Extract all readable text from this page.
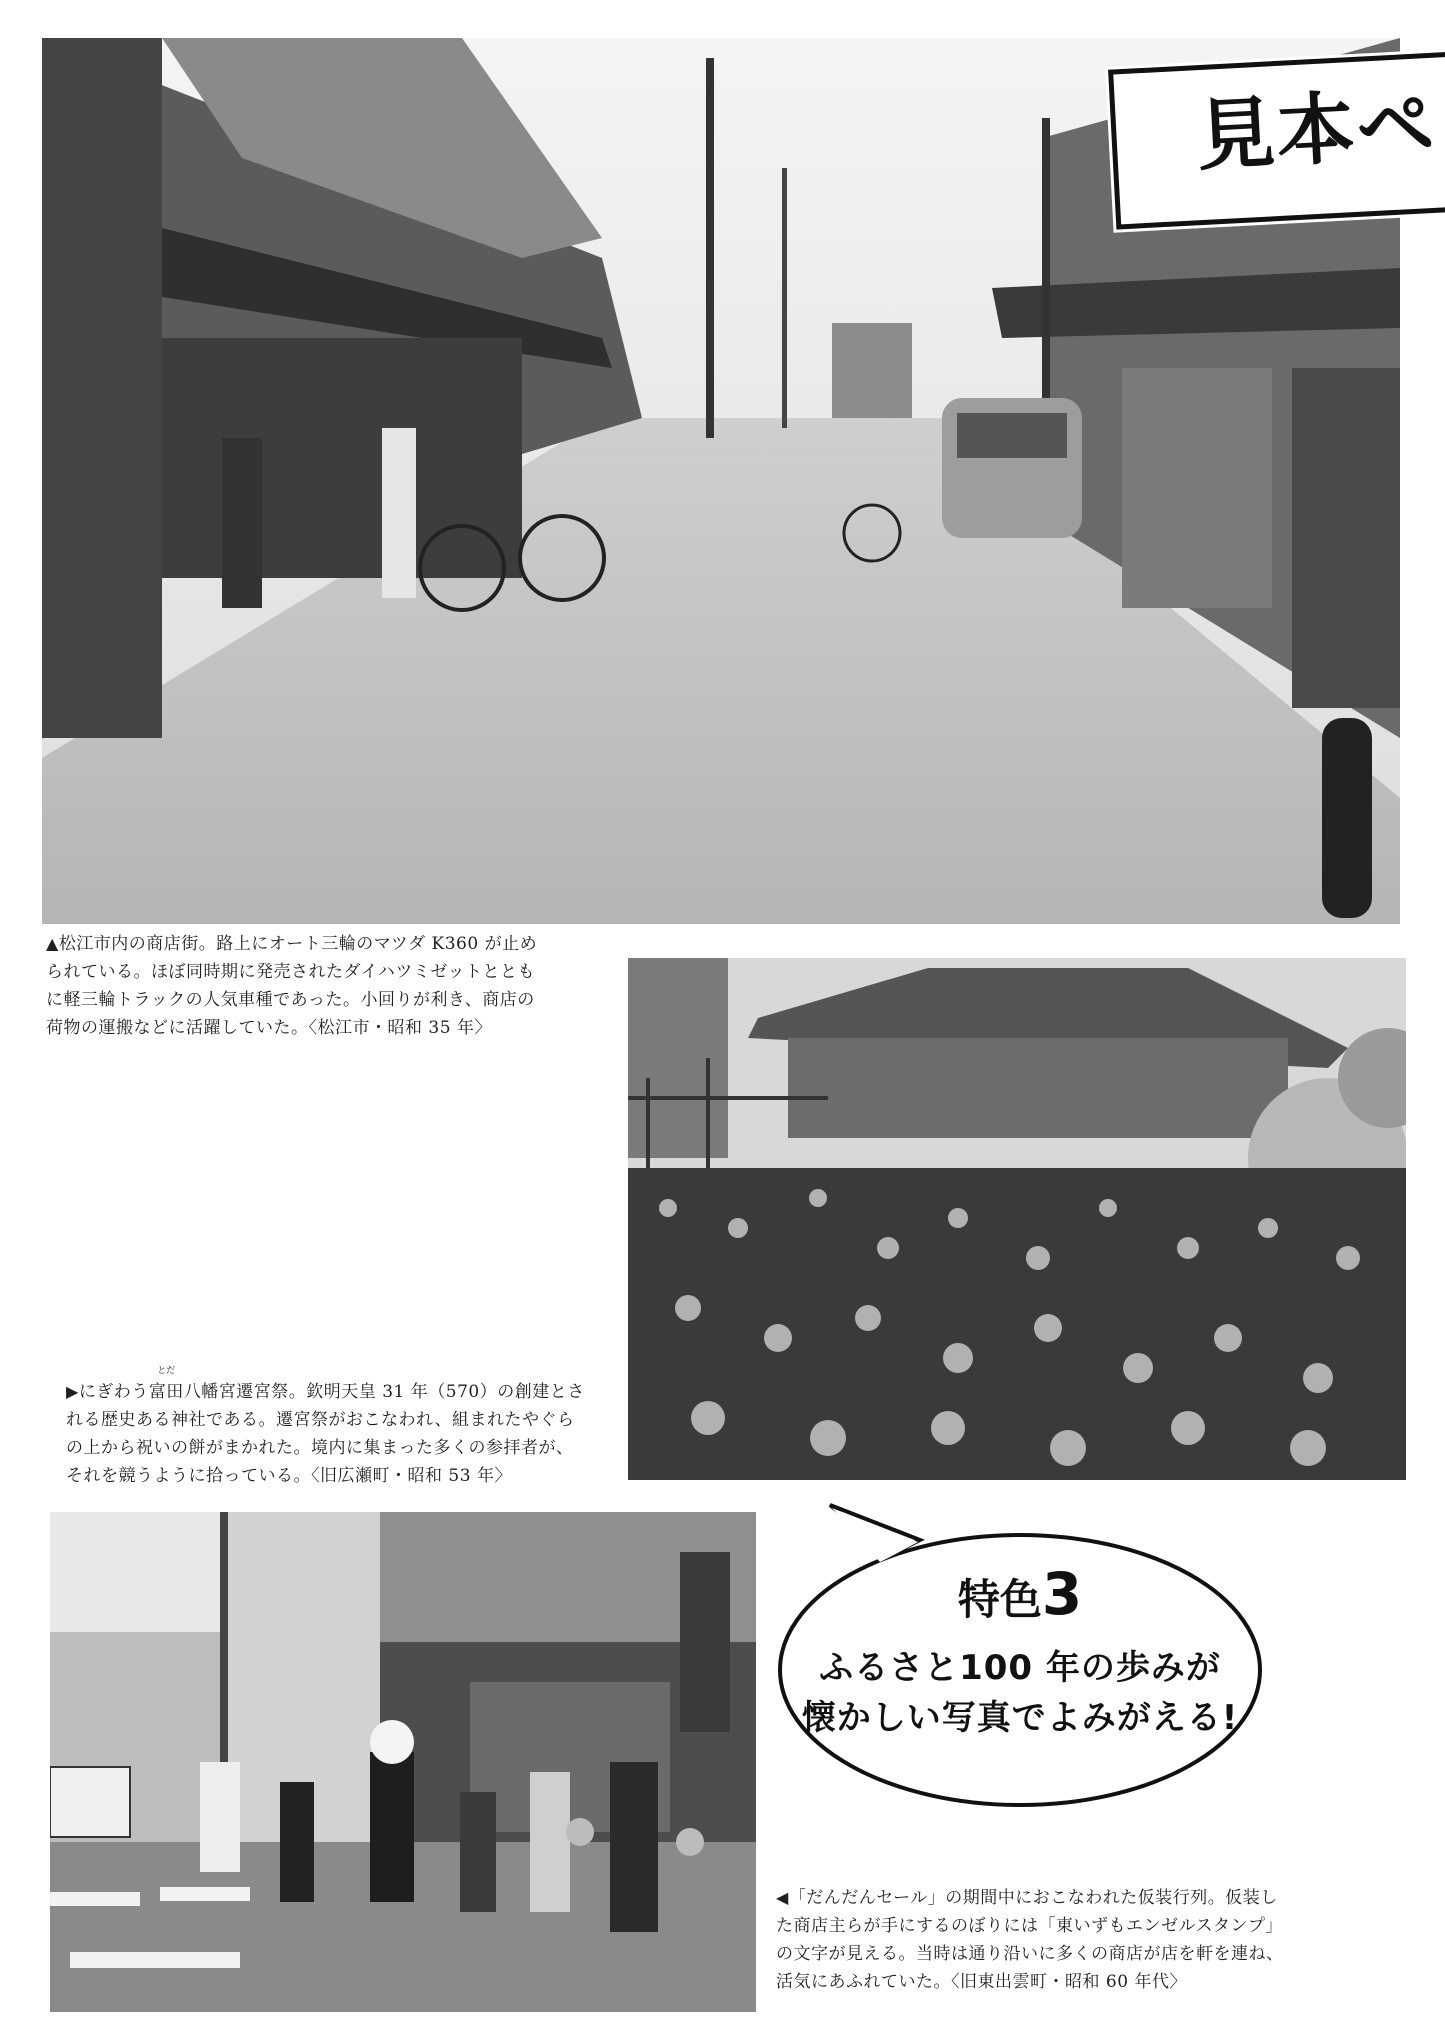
見本ペ
▲松江市内の商店街。路上にオート三輪のマツダ K360 が止め
られている。ほぼ同時期に発売されたダイハツミゼットととも
に軽三輪トラックの人気車種であった。小回りが利き、商店の
荷物の運搬などに活躍していた。〈松江市・昭和 35 年〉
▶にぎわう
とだ
富田八幡宮遷宮祭。欽明天皇 31 年（570）の創建とさ
れる歴史ある神社である。遷宮祭がおこなわれ、組まれたやぐら
の上から祝いの餅がまかれた。境内に集まった多くの参拝者が、
それを競うように拾っている。〈旧広瀬町・昭和 53 年〉
特色3
ふるさと100 年の歩みが
懐かしい写真でよみがえる!
◀「だんだんセール」の期間中におこなわれた仮装行列。仮装し
た商店主らが手にするのぼりには「東いずもエンゼルスタンプ」
の文字が見える。当時は通り沿いに多くの商店が店を軒を連ね、
活気にあふれていた。〈旧東出雲町・昭和 60 年代〉
